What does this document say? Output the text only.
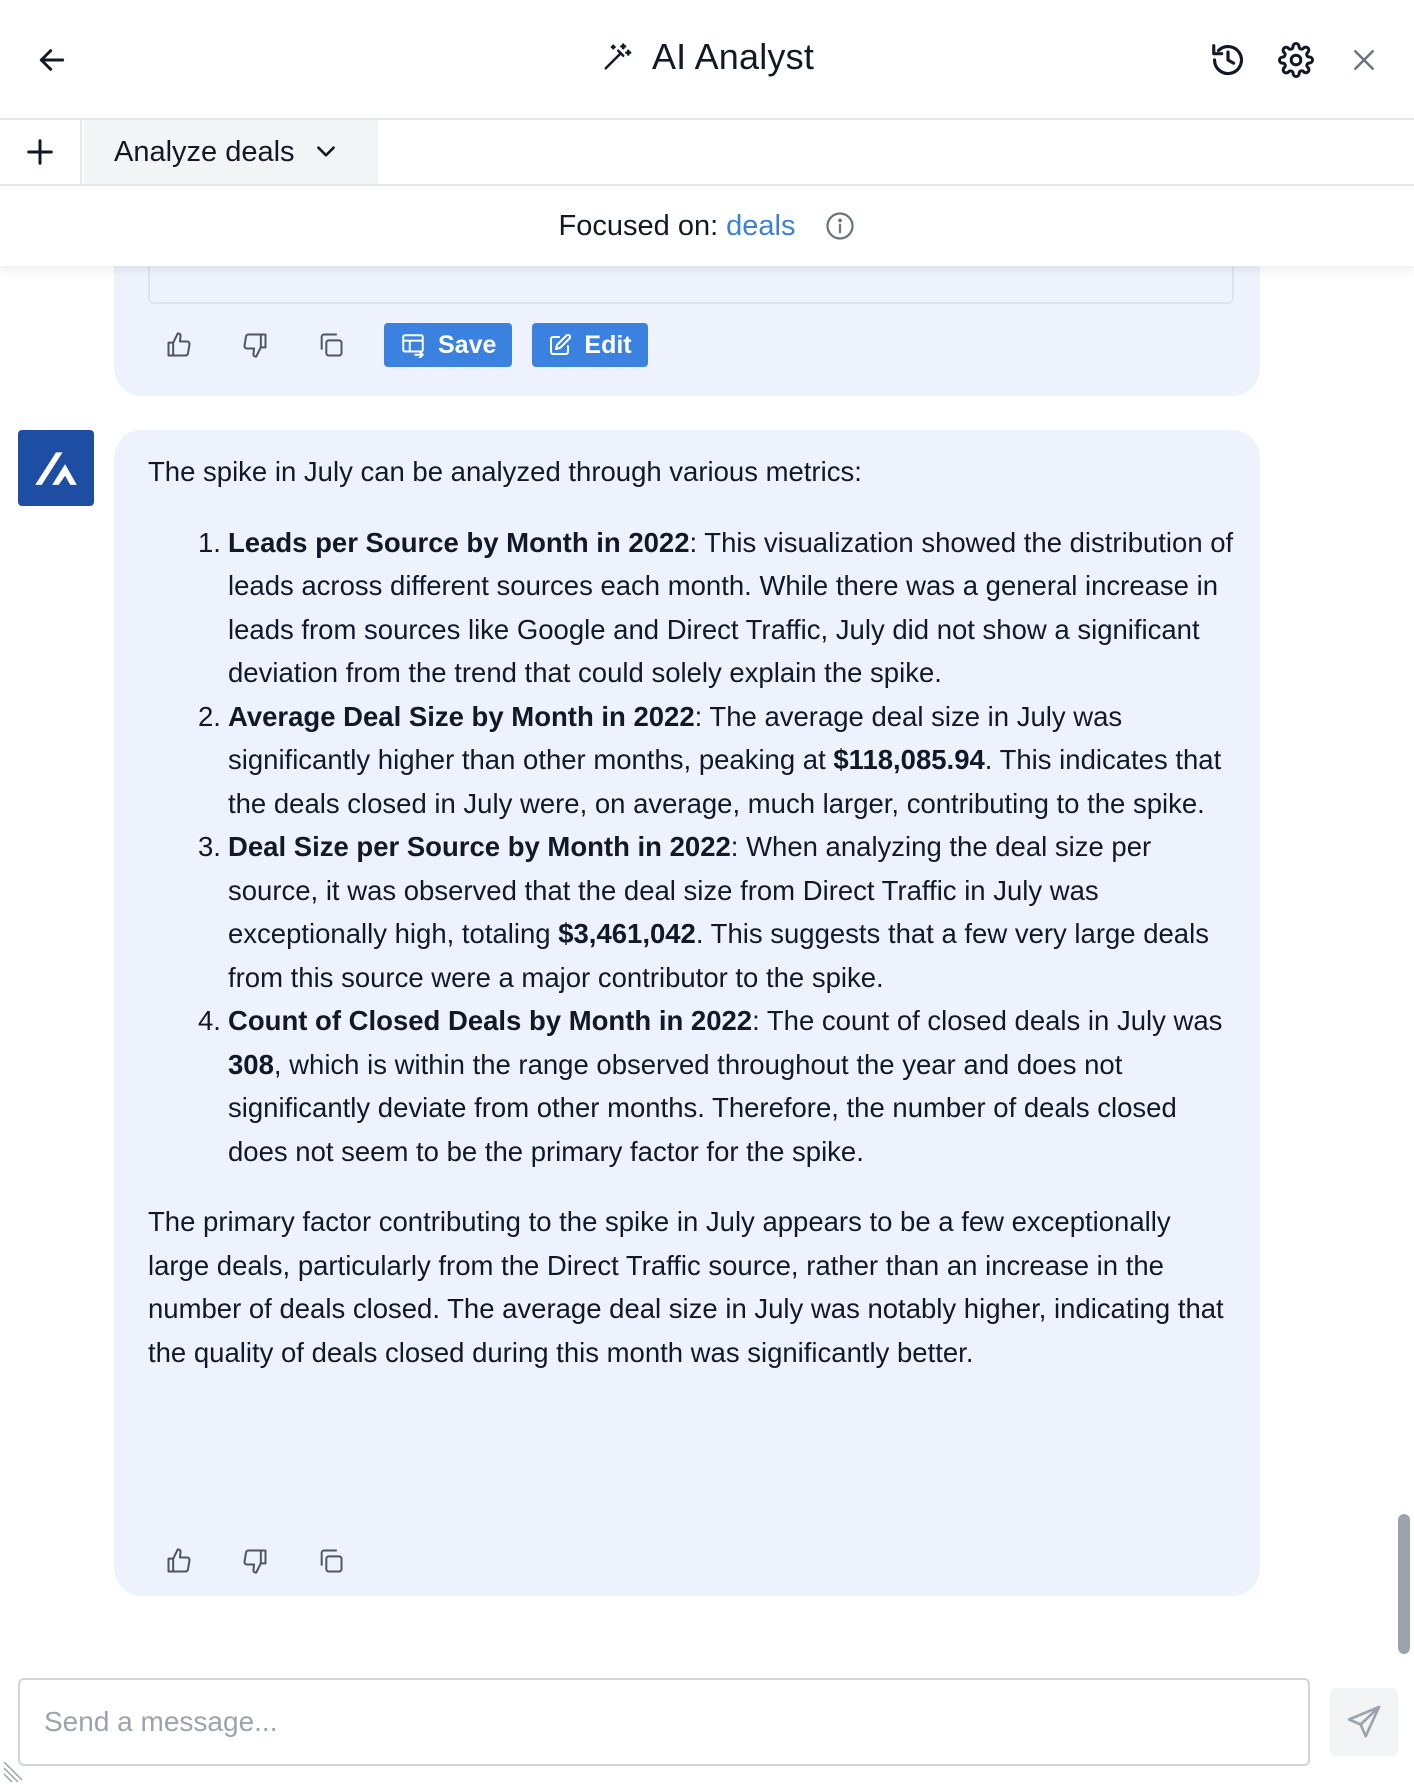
AI Analyst
Analyze deals
Focused on: deals
Save	Edit

The spike in July can be analyzed through various metrics:

1. Leads per Source by Month in 2022: This visualization showed the distribution of leads across different sources each month. While there was a general increase in leads from sources like Google and Direct Traffic, July did not show a significant deviation from the trend that could solely explain the spike.
2. Average Deal Size by Month in 2022: The average deal size in July was significantly higher than other months, peaking at $118,085.94. This indicates that the deals closed in July were, on average, much larger, contributing to the spike.
3. Deal Size per Source by Month in 2022: When analyzing the deal size per source, it was observed that the deal size from Direct Traffic in July was exceptionally high, totaling $3,461,042. This suggests that a few very large deals from this source were a major contributor to the spike.
4. Count of Closed Deals by Month in 2022: The count of closed deals in July was 308, which is within the range observed throughout the year and does not significantly deviate from other months. Therefore, the number of deals closed does not seem to be the primary factor for the spike.

The primary factor contributing to the spike in July appears to be a few exceptionally large deals, particularly from the Direct Traffic source, rather than an increase in the number of deals closed. The average deal size in July was notably higher, indicating that the quality of deals closed during this month was significantly better.

Send a message...
